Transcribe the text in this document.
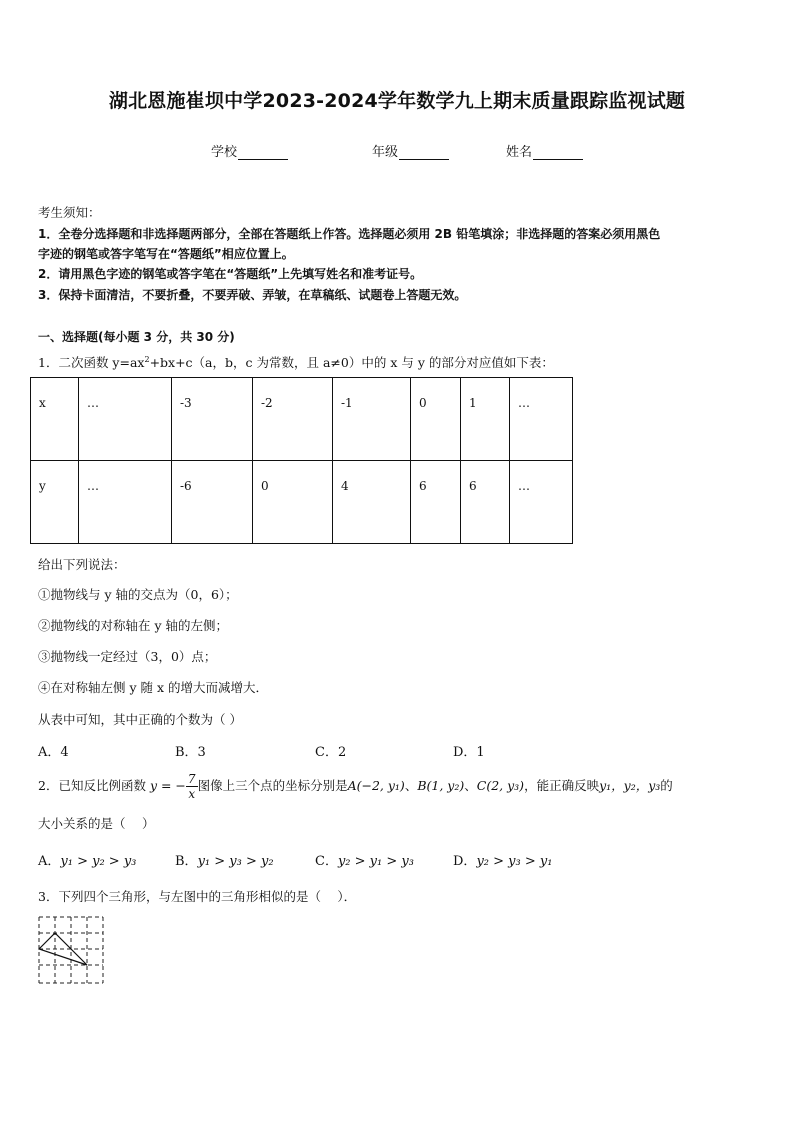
湖北恩施崔坝中学2023-2024学年数学九上期末质量跟踪监视试题
学校	年级	姓名
考生须知：
1．全卷分选择题和非选择题两部分，全部在答题纸上作答。选择题必须用 2B 铅笔填涂；非选择题的答案必须用黑色
字迹的钢笔或答字笔写在“答题纸”相应位置上。
2．请用黑色字迹的钢笔或答字笔在“答题纸”上先填写姓名和准考证号。
3．保持卡面清洁，不要折叠，不要弄破、弄皱，在草稿纸、试题卷上答题无效。
一、选择题(每小题 3 分，共 30 分)
1．二次函数 $y=ax^2+bx+c(a$，b，c 为常数，且 a≠0）中的 x 与 y 的部分对应值如下表：
x	…	-3	-2	-1	0	1	…
y	…	-6	0	4	6	6	…
给出下列说法：
①抛物线与 y 轴的交点为（0，6）；
②抛物线的对称轴在 y 轴的左侧；
③抛物线一定经过（3，0）点；
④在对称轴左侧 y 随 x 的增大而减增大．
从表中可知，其中正确的个数为（ ）
A．4	B．3	C．2	D．1
2．已知反比例函数 y = − $\frac{7}{x}$ 图像上三个点的坐标分别是A(−2, y₁)、B(1, y₂)、C(2, y₃)，能正确反映y₁，y₂，y₃的
大小关系的是（　 ）
A．y₁ > y₂ > y₃	B．y₁ > y₃ > y₂	C．y₂ > y₁ > y₃	D．y₂ > y₃ > y₁
3．下列四个三角形，与左图中的三角形相似的是（　 ）．
